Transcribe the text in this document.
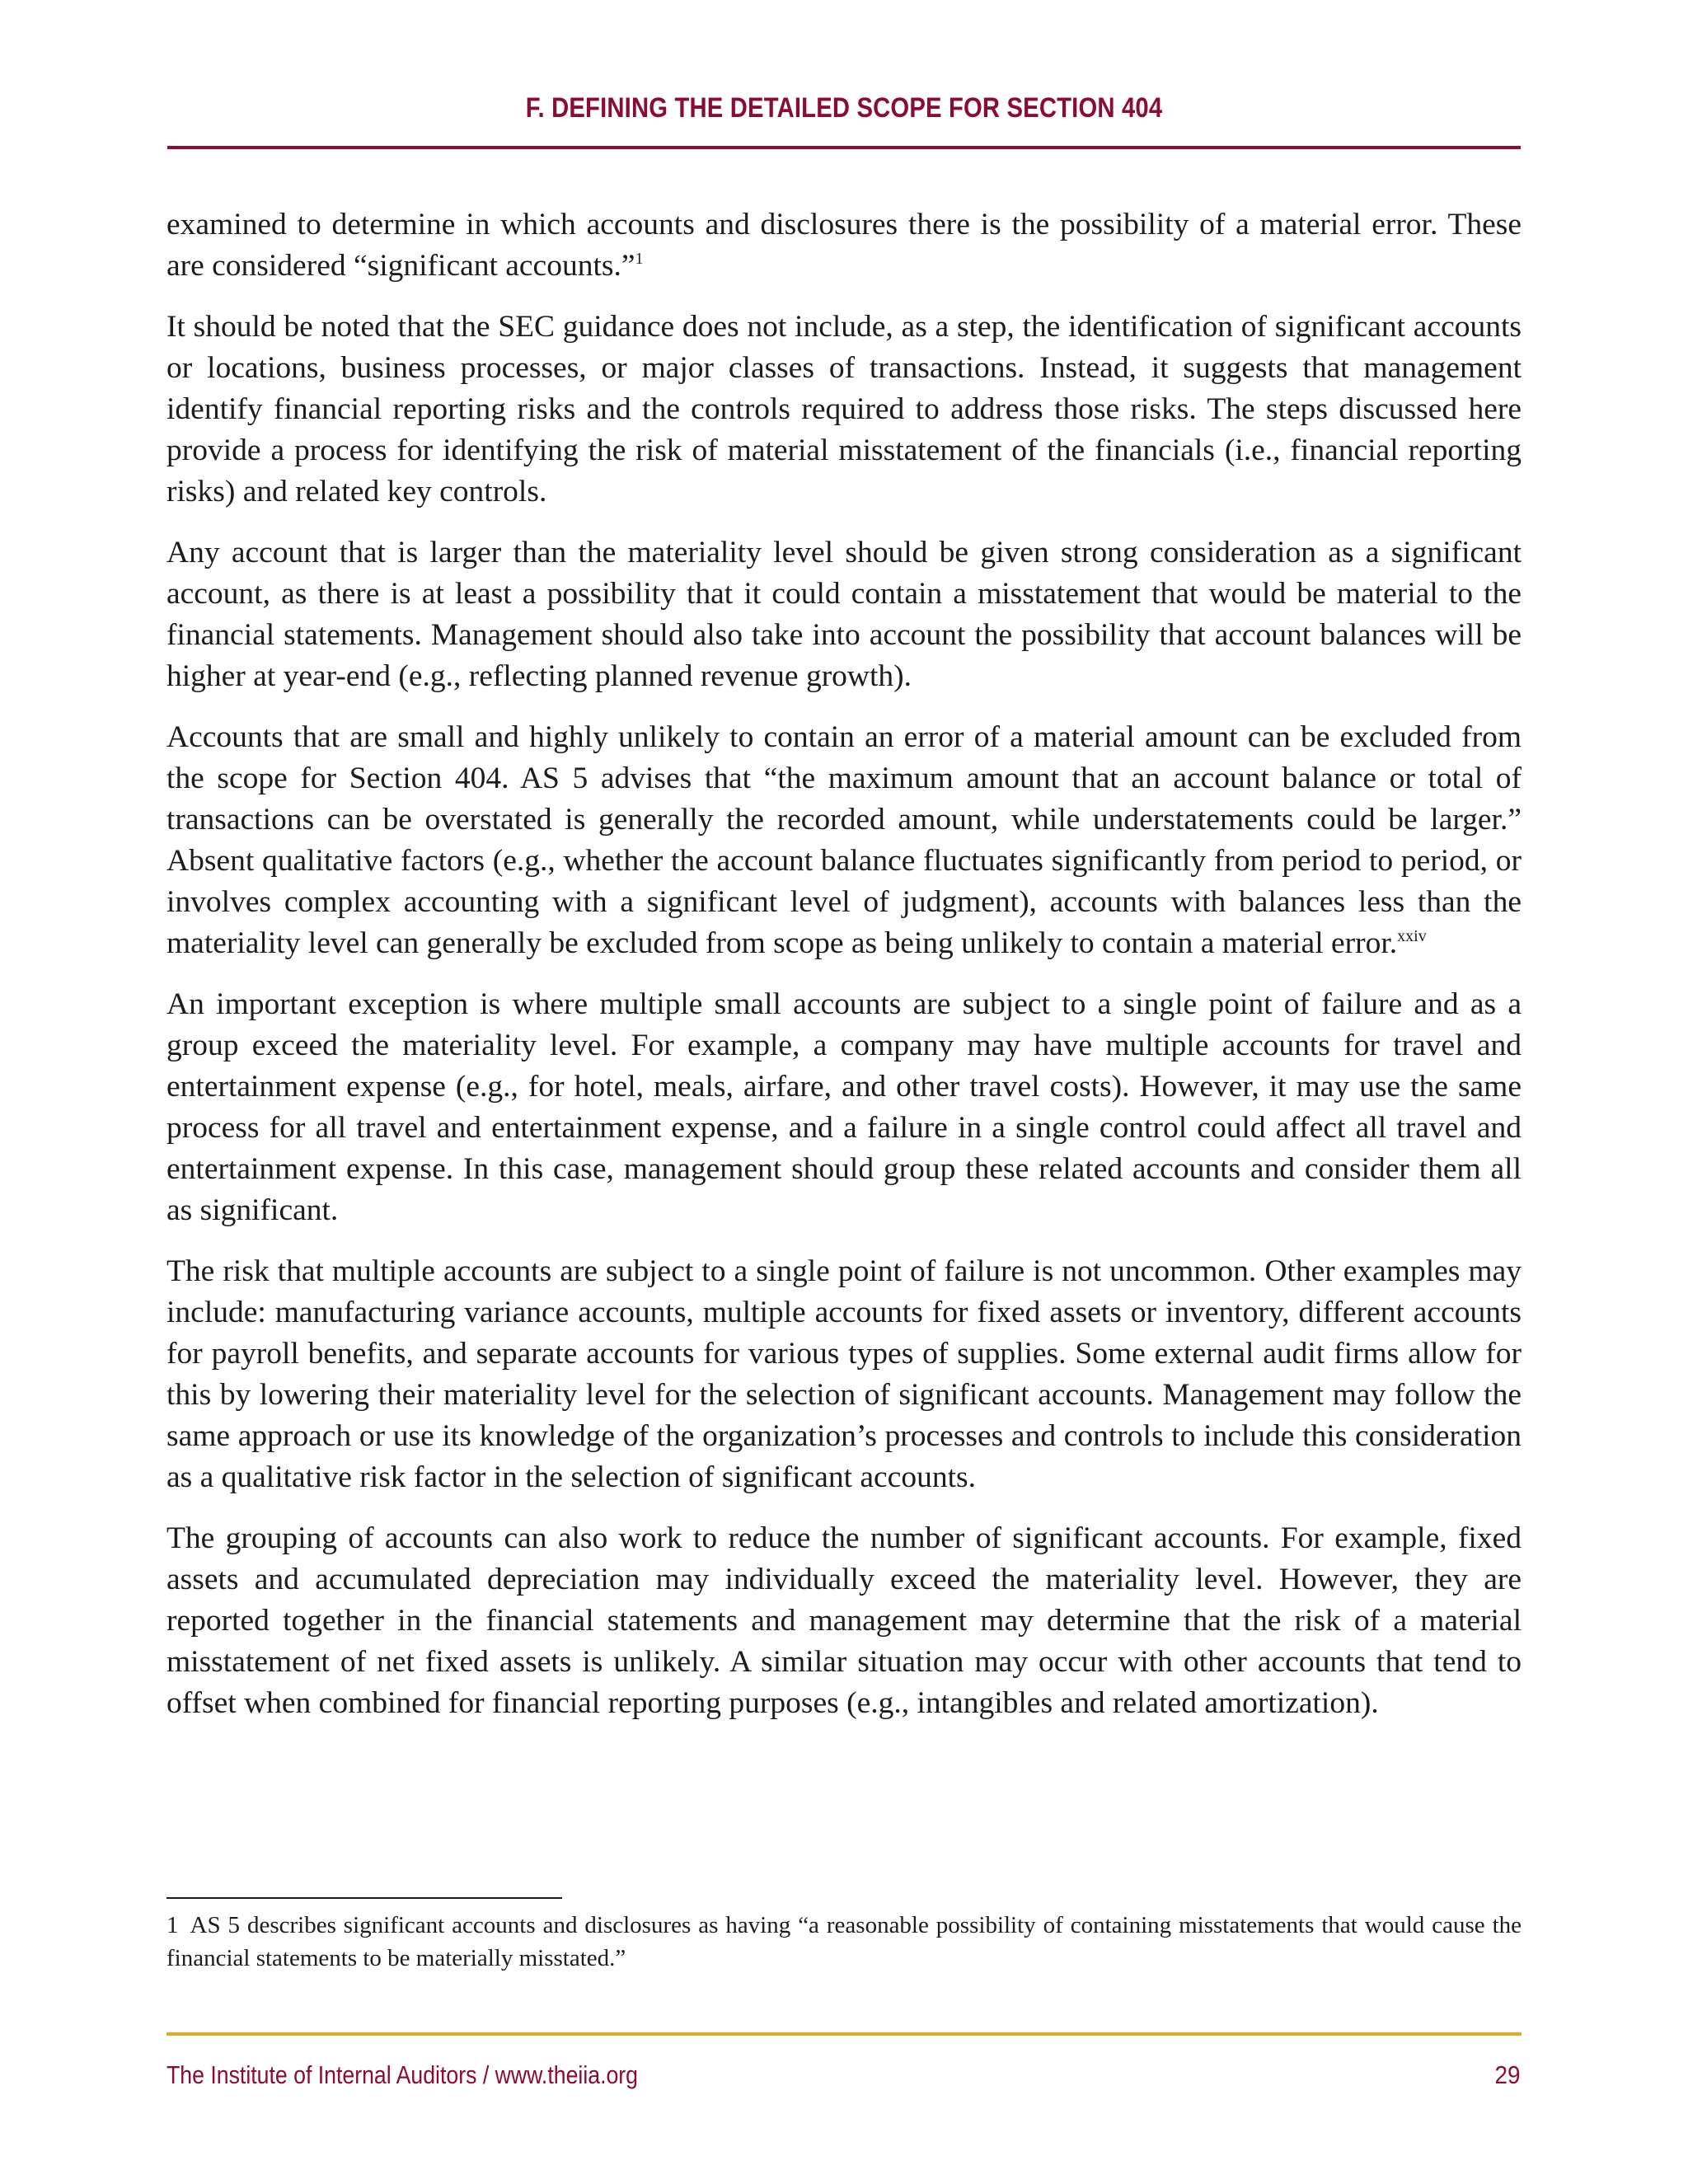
F. DEFINING THE DETAILED SCOPE FOR SECTION 404

examined to determine in which accounts and disclosures there is the possibility of a material error. These are considered “significant accounts.”$^1$

It should be noted that the SEC guidance does not include, as a step, the identification of significant accounts or locations, business processes, or major classes of transactions. Instead, it suggests that management identify financial reporting risks and the controls required to address those risks. The steps discussed here provide a process for identifying the risk of material misstatement of the financials (i.e., financial reporting risks) and related key controls.

Any account that is larger than the materiality level should be given strong consideration as a significant account, as there is at least a possibility that it could contain a misstatement that would be material to the financial statements. Management should also take into account the possibility that account balances will be higher at year-end (e.g., reflecting planned revenue growth).

Accounts that are small and highly unlikely to contain an error of a material amount can be excluded from the scope for Section 404. AS 5 advises that “the maximum amount that an account balance or total of transactions can be overstated is generally the recorded amount, while understatements could be larger.” Absent qualitative factors (e.g., whether the account balance fluctuates significantly from period to period, or involves complex accounting with a significant level of judgment), accounts with balances less than the materiality level can generally be excluded from scope as being unlikely to contain a material error.$^{xxiv}$

An important exception is where multiple small accounts are subject to a single point of failure and as a group exceed the materiality level. For example, a company may have multiple accounts for travel and entertainment expense (e.g., for hotel, meals, airfare, and other travel costs). However, it may use the same process for all travel and entertainment expense, and a failure in a single control could affect all travel and entertainment expense. In this case, management should group these related accounts and consider them all as significant.

The risk that multiple accounts are subject to a single point of failure is not uncommon. Other examples may include: manufacturing variance accounts, multiple accounts for fixed assets or inventory, different accounts for payroll benefits, and separate accounts for various types of supplies. Some external audit firms allow for this by lowering their materiality level for the selection of significant accounts. Management may follow the same approach or use its knowledge of the organization’s processes and controls to include this consideration as a qualitative risk factor in the selection of significant accounts.

The grouping of accounts can also work to reduce the number of significant accounts. For example, fixed assets and accumulated depreciation may individually exceed the materiality level. However, they are reported together in the financial statements and management may determine that the risk of a material misstatement of net fixed assets is unlikely. A similar situation may occur with other accounts that tend to offset when combined for financial reporting purposes (e.g., intangibles and related amortization).

1 AS 5 describes significant accounts and disclosures as having “a reasonable possibility of containing misstatements that would cause the financial statements to be materially misstated.”
The Institute of Internal Auditors / www.theiia.org	29
